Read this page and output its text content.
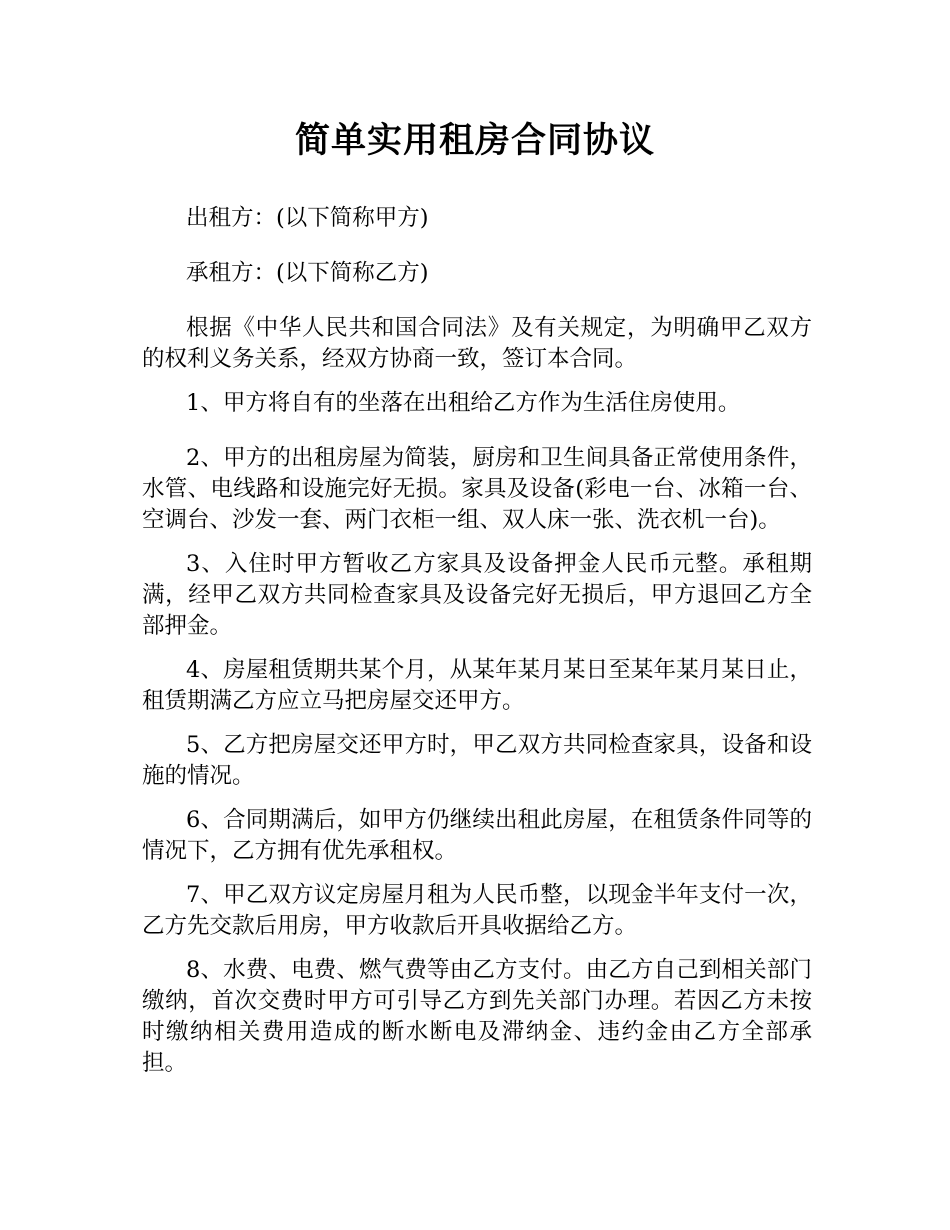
简单实用租房合同协议

出租方：(以下简称甲方)

承租方：(以下简称乙方)

根据《中华人民共和国合同法》及有关规定，为明确甲乙双方的权利义务关系，经双方协商一致，签订本合同。

1、甲方将自有的坐落在出租给乙方作为生活住房使用。

2、甲方的出租房屋为简装，厨房和卫生间具备正常使用条件，水管、电线路和设施完好无损。家具及设备(彩电一台、冰箱一台、空调台、沙发一套、两门衣柜一组、双人床一张、洗衣机一台)。

3、入住时甲方暂收乙方家具及设备押金人民币元整。承租期满，经甲乙双方共同检查家具及设备完好无损后，甲方退回乙方全部押金。

4、房屋租赁期共某个月，从某年某月某日至某年某月某日止，租赁期满乙方应立马把房屋交还甲方。

5、乙方把房屋交还甲方时，甲乙双方共同检查家具，设备和设施的情况。

6、合同期满后，如甲方仍继续出租此房屋，在租赁条件同等的情况下，乙方拥有优先承租权。

7、甲乙双方议定房屋月租为人民币整，以现金半年支付一次，乙方先交款后用房，甲方收款后开具收据给乙方。

8、水费、电费、燃气费等由乙方支付。由乙方自己到相关部门缴纳，首次交费时甲方可引导乙方到先关部门办理。若因乙方未按时缴纳相关费用造成的断水断电及滞纳金、违约金由乙方全部承担。
